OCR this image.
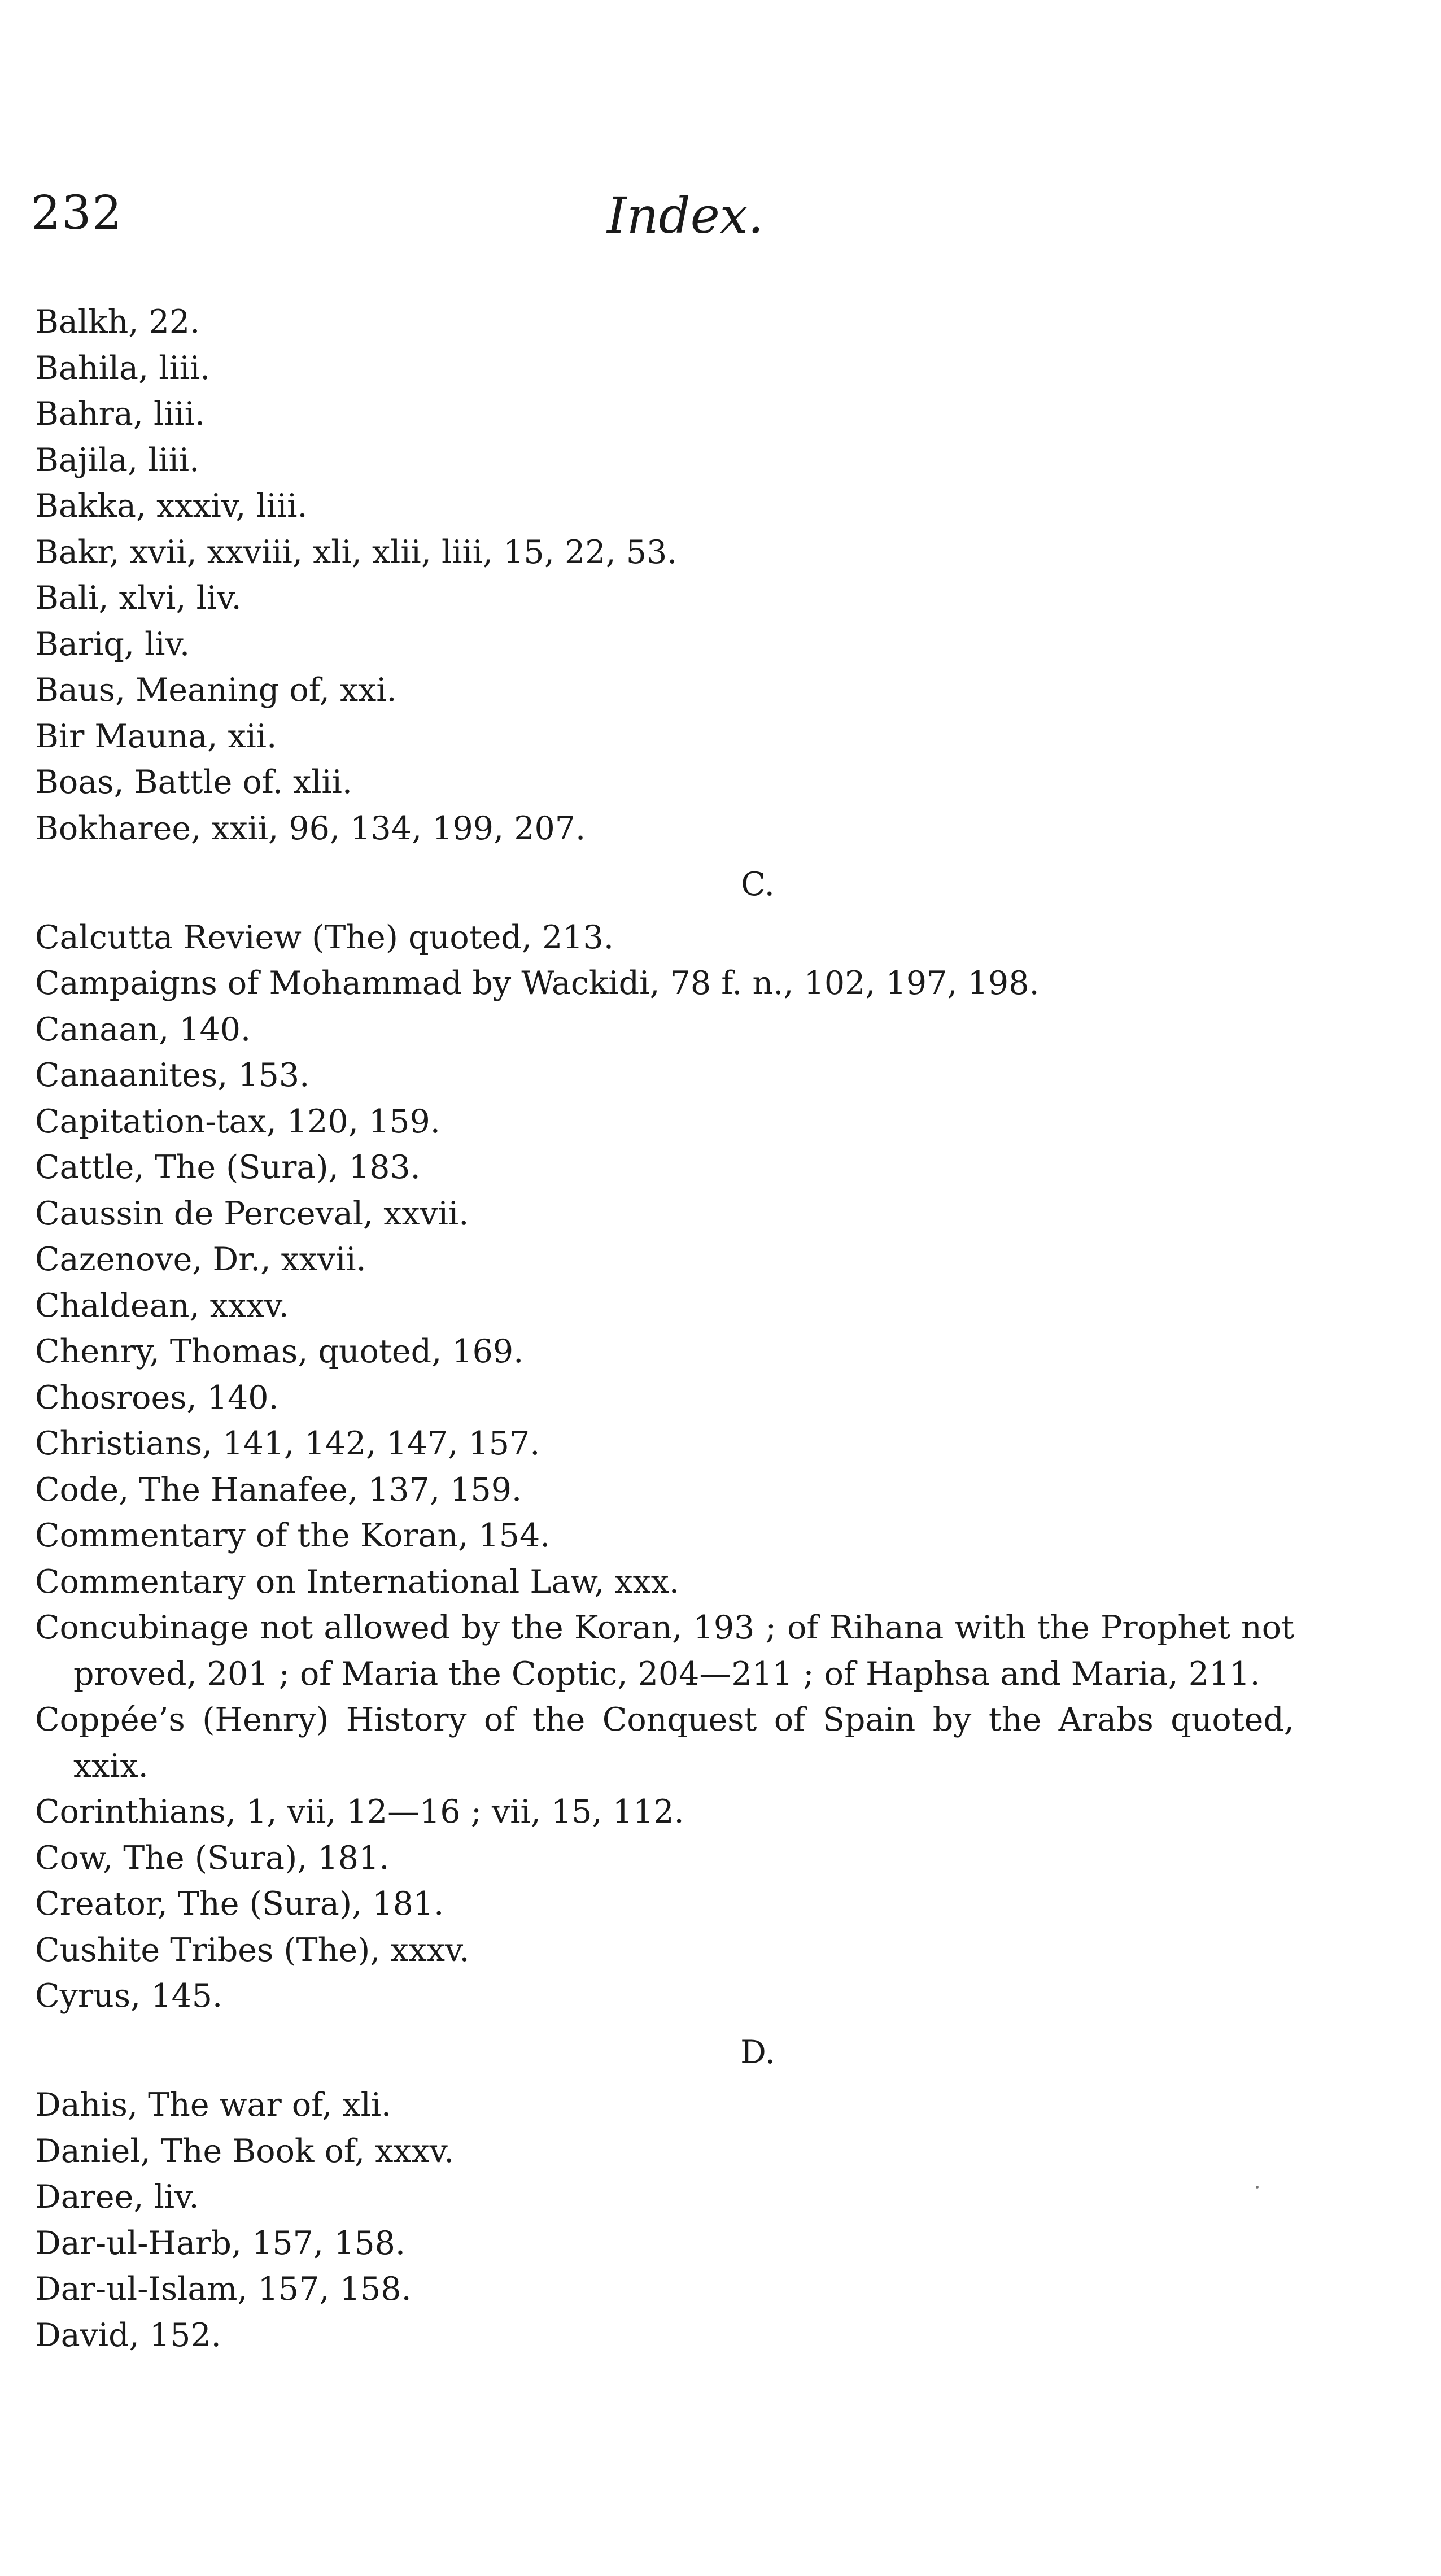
232	Index.

Balkh, 22.

Bahila, liii.

Bahra, liii.

Bajila, liii.

Bakka, xxxiv, liii.

Bakr, xvii, xxviii, xli, xlii, liii, 15, 22, 53.

Bali, xlvi, liv.

Bariq, liv.

Baus, Meaning of, xxi.

Bir Mauna, xii.

Boas, Battle of. xlii.

Bokharee, xxii, 96, 134, 199, 207.

C.

Calcutta Review (The) quoted, 213.

Campaigns of Mohammad by Wackidi, 78 f. n., 102, 197, 198.

Canaan, 140.

Canaanites, 153.

Capitation-tax, 120, 159.

Cattle, The (Sura), 183.

Caussin de Perceval, xxvii.

Cazenove, Dr., xxvii.

Chaldean, xxxv.

Chenry, Thomas, quoted, 169.

Chosroes, 140.

Christians, 141, 142, 147, 157.

Code, The Hanafee, 137, 159.

Commentary of the Koran, 154.

Commentary on International Law, xxx.

Concubinage not allowed by the Koran, 193 ; of Rihana with the Prophet not proved, 201 ; of Maria the Coptic, 204—211 ; of Haphsa and Maria, 211.

Coppée’s (Henry) History of the Conquest of Spain by the Arabs quoted, xxix.

Corinthians, 1, vii, 12—16 ; vii, 15, 112.

Cow, The (Sura), 181.

Creator, The (Sura), 181.

Cushite Tribes (The), xxxv.

Cyrus, 145.

D.

Dahis, The war of, xli.

Daniel, The Book of, xxxv.

Daree, liv.

Dar-ul-Harb, 157, 158.

Dar-ul-Islam, 157, 158.

David, 152.
